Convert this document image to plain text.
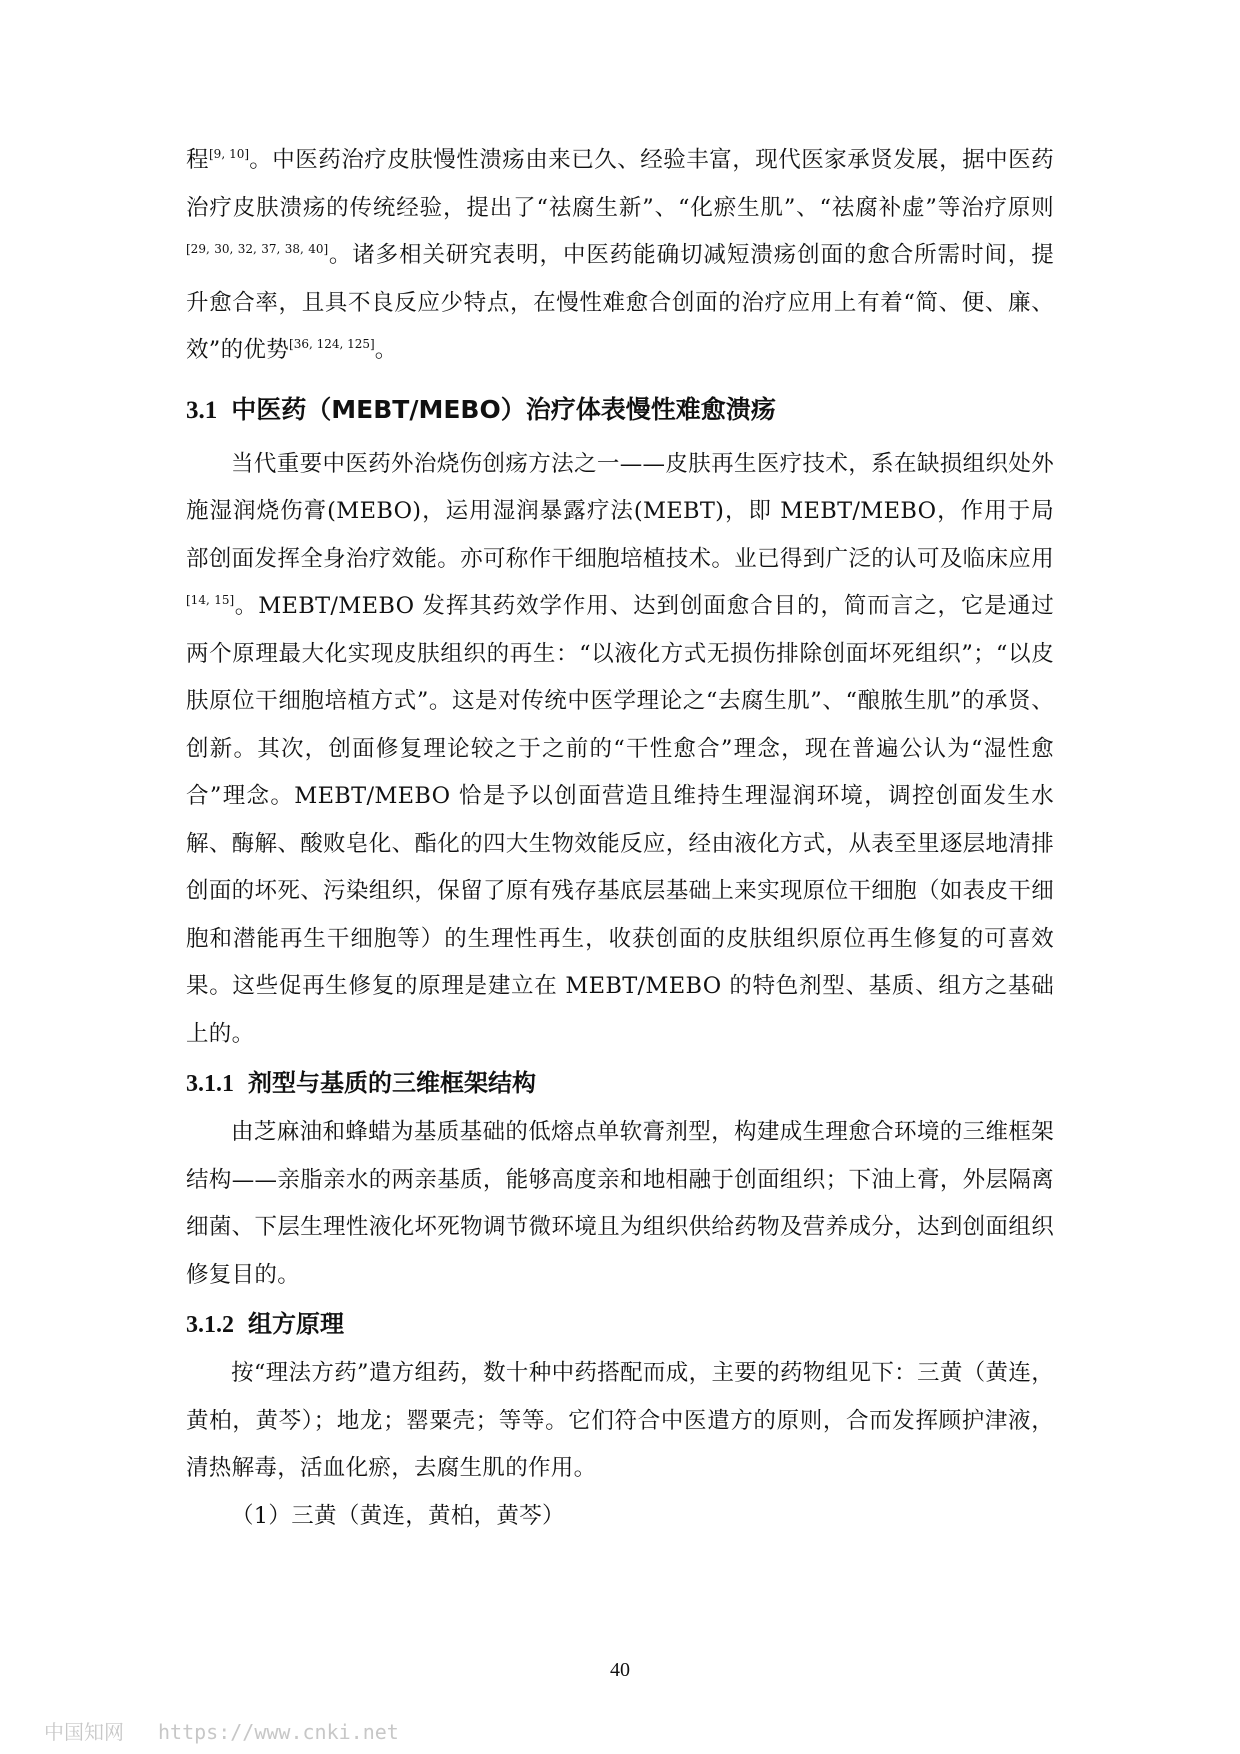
程[9, 10]。中医药治疗皮肤慢性溃疡由来已久、经验丰富，现代医家承贤发展，据中医药治疗皮肤溃疡的传统经验，提出了“祛腐生新”、“化瘀生肌”、“祛腐补虚”等治疗原则[29, 30, 32, 37, 38, 40]。诸多相关研究表明，中医药能确切减短溃疡创面的愈合所需时间，提升愈合率，且具不良反应少特点，在慢性难愈合创面的治疗应用上有着“简、便、廉、效”的优势[36, 124, 125]。

3.1 中医药（MEBT/MEBO）治疗体表慢性难愈溃疡

当代重要中医药外治烧伤创疡方法之一——皮肤再生医疗技术，系在缺损组织处外施湿润烧伤膏(MEBO)，运用湿润暴露疗法(MEBT)，即 MEBT/MEBO，作用于局部创面发挥全身治疗效能。亦可称作干细胞培植技术。业已得到广泛的认可及临床应用[14, 15]。MEBT/MEBO 发挥其药效学作用、达到创面愈合目的，简而言之，它是通过两个原理最大化实现皮肤组织的再生：“以液化方式无损伤排除创面坏死组织”；“以皮肤原位干细胞培植方式”。这是对传统中医学理论之“去腐生肌”、“酿脓生肌”的承贤、创新。其次，创面修复理论较之于之前的“干性愈合”理念，现在普遍公认为“湿性愈合”理念。MEBT/MEBO 恰是予以创面营造且维持生理湿润环境，调控创面发生水解、酶解、酸败皂化、酯化的四大生物效能反应，经由液化方式，从表至里逐层地清排创面的坏死、污染组织，保留了原有残存基底层基础上来实现原位干细胞（如表皮干细胞和潜能再生干细胞等）的生理性再生，收获创面的皮肤组织原位再生修复的可喜效果。这些促再生修复的原理是建立在 MEBT/MEBO 的特色剂型、基质、组方之基础上的。

3.1.1 剂型与基质的三维框架结构

由芝麻油和蜂蜡为基质基础的低熔点单软膏剂型，构建成生理愈合环境的三维框架结构——亲脂亲水的两亲基质，能够高度亲和地相融于创面组织；下油上膏，外层隔离细菌、下层生理性液化坏死物调节微环境且为组织供给药物及营养成分，达到创面组织修复目的。

3.1.2 组方原理

按“理法方药”遣方组药，数十种中药搭配而成，主要的药物组见下：三黄（黄连，黄柏，黄芩）；地龙；罂粟壳；等等。它们符合中医遣方的原则，合而发挥顾护津液，清热解毒，活血化瘀，去腐生肌的作用。

（1）三黄（黄连，黄柏，黄芩）

40
中国知网 https://www.cnki.net
